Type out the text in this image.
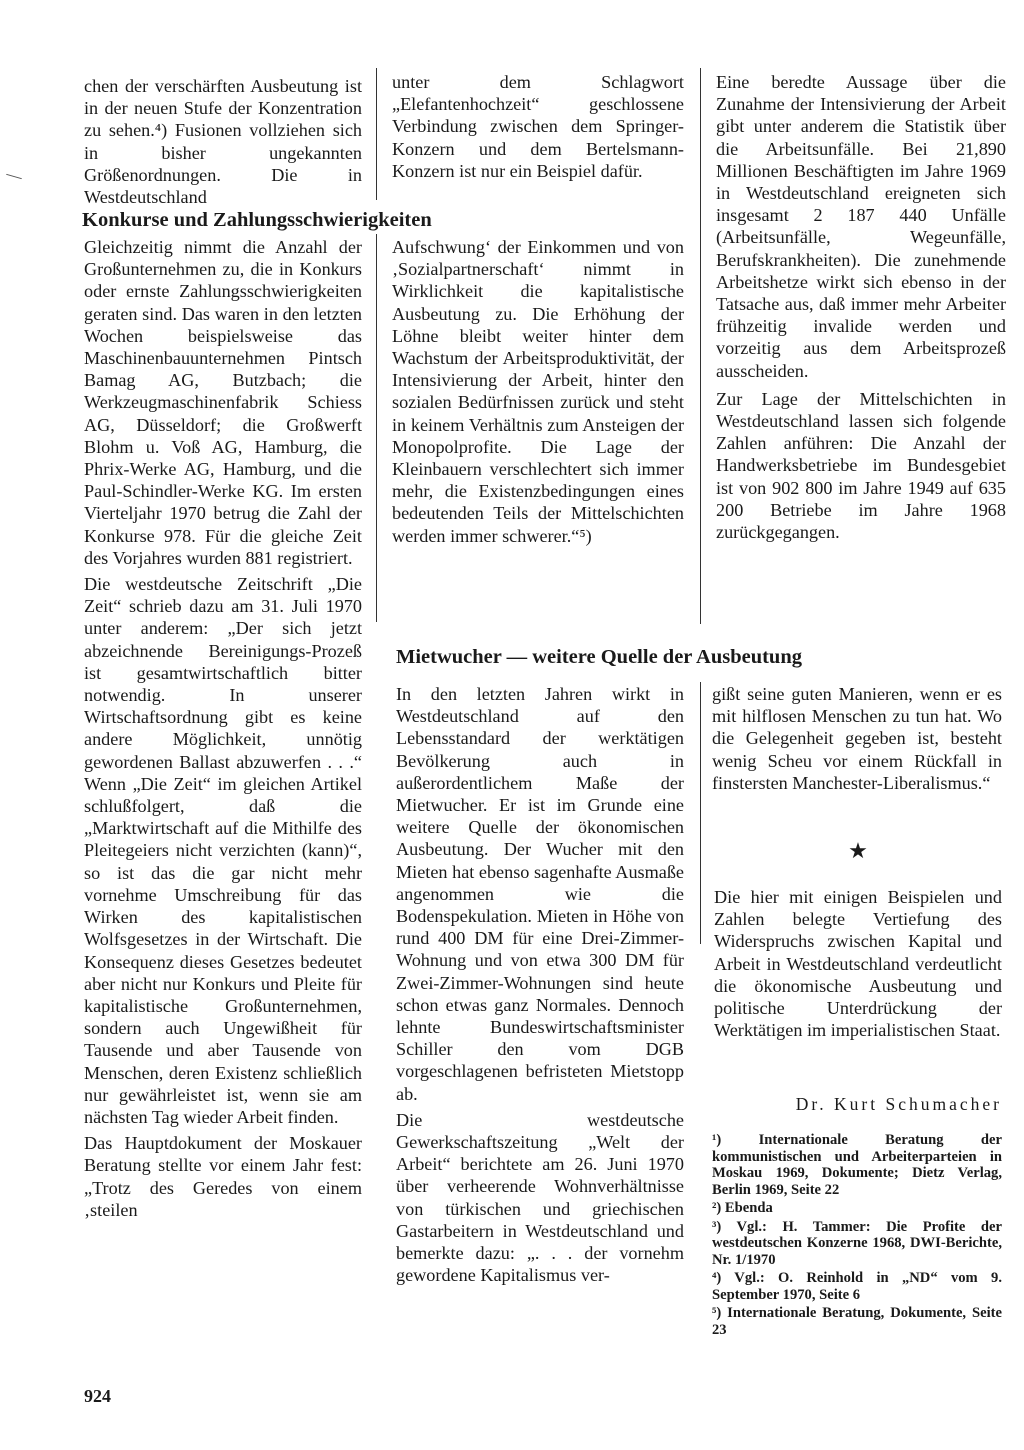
chen der verschärften Ausbeutung ist in der neuen Stufe der Konzentration zu sehen.⁴) Fusionen vollziehen sich in bisher ungekannten Größenordnungen. Die in Westdeutschland

unter dem Schlagwort „Elefantenhochzeit“ geschlossene Verbindung zwischen dem Springer-Konzern und dem Bertelsmann-Konzern ist nur ein Beispiel dafür.

Konkurse und Zahlungsschwierigkeiten

Gleichzeitig nimmt die Anzahl der Großunternehmen zu, die in Konkurs oder ernste Zahlungsschwierigkeiten geraten sind. Das waren in den letzten Wochen beispielsweise das Maschinenbauunternehmen Pintsch Bamag AG, Butzbach; die Werkzeugmaschinenfabrik Schiess AG, Düsseldorf; die Großwerft Blohm u. Voß AG, Hamburg, die Phrix-Werke AG, Hamburg, und die Paul-Schindler-Werke KG. Im ersten Vierteljahr 1970 betrug die Zahl der Konkurse 978. Für die gleiche Zeit des Vorjahres wurden 881 registriert.

Die westdeutsche Zeitschrift „Die Zeit“ schrieb dazu am 31. Juli 1970 unter anderem: „Der sich jetzt abzeichnende Bereinigungs-Prozeß ist gesamtwirtschaftlich bitter notwendig. In unserer Wirtschaftsordnung gibt es keine andere Möglichkeit, unnötig gewordenen Ballast abzuwerfen . . .“ Wenn „Die Zeit“ im gleichen Artikel schlußfolgert, daß die „Marktwirtschaft auf die Mithilfe des Pleitegeiers nicht verzichten (kann)“, so ist das die gar nicht mehr vornehme Umschreibung für das Wirken des kapitalistischen Wolfsgesetzes in der Wirtschaft. Die Konsequenz dieses Gesetzes bedeutet aber nicht nur Konkurs und Pleite für kapitalistische Großunternehmen, sondern auch Ungewißheit für Tausende und aber Tausende von Menschen, deren Existenz schließlich nur gewährleistet ist, wenn sie am nächsten Tag wieder Arbeit finden.

Das Hauptdokument der Moskauer Beratung stellte vor einem Jahr fest: „Trotz des Geredes von einem ‚steilen

Aufschwung‘ der Einkommen und von ‚Sozialpartnerschaft‘ nimmt in Wirklichkeit die kapitalistische Ausbeutung zu. Die Erhöhung der Löhne bleibt weiter hinter dem Wachstum der Arbeitsproduktivität, der Intensivierung der Arbeit, hinter den sozialen Bedürfnissen zurück und steht in keinem Verhältnis zum Ansteigen der Monopolprofite. Die Lage der Kleinbauern verschlechtert sich immer mehr, die Existenzbedingungen eines bedeutenden Teils der Mittelschichten werden immer schwerer.“⁵)

Eine beredte Aussage über die Zunahme der Intensivierung der Arbeit gibt unter anderem die Statistik über die Arbeitsunfälle. Bei 21,890 Millionen Beschäftigten im Jahre 1969 in Westdeutschland ereigneten sich insgesamt 2 187 440 Unfälle (Arbeitsunfälle, Wegeunfälle, Berufskrankheiten). Die zunehmende Arbeitshetze wirkt sich ebenso in der Tatsache aus, daß immer mehr Arbeiter frühzeitig invalide werden und vorzeitig aus dem Arbeitsprozeß ausscheiden.

Zur Lage der Mittelschichten in Westdeutschland lassen sich folgende Zahlen anführen: Die Anzahl der Handwerksbetriebe im Bundesgebiet ist von 902 800 im Jahre 1949 auf 635 200 Betriebe im Jahre 1968 zurückgegangen.

Mietwucher — weitere Quelle der Ausbeutung

In den letzten Jahren wirkt in Westdeutschland auf den Lebensstandard der werktätigen Bevölkerung auch in außerordentlichem Maße der Mietwucher. Er ist im Grunde eine weitere Quelle der ökonomischen Ausbeutung. Der Wucher mit den Mieten hat ebenso sagenhafte Ausmaße angenommen wie die Bodenspekulation. Mieten in Höhe von rund 400 DM für eine Drei-Zimmer-Wohnung und von etwa 300 DM für Zwei-Zimmer-Wohnungen sind heute schon etwas ganz Normales. Dennoch lehnte Bundeswirtschaftsminister Schiller den vom DGB vorgeschlagenen befristeten Mietstopp ab.

Die westdeutsche Gewerkschaftszeitung „Welt der Arbeit“ berichtete am 26. Juni 1970 über verheerende Wohnverhältnisse von türkischen und griechischen Gastarbeitern in Westdeutschland und bemerkte dazu: „. . . der vornehm gewordene Kapitalismus ver-

gißt seine guten Manieren, wenn er es mit hilflosen Menschen zu tun hat. Wo die Gelegenheit gegeben ist, besteht wenig Scheu vor einem Rückfall in finstersten Manchester-Liberalismus.“

★

Die hier mit einigen Beispielen und Zahlen belegte Vertiefung des Widerspruchs zwischen Kapital und Arbeit in Westdeutschland verdeutlicht die ökonomische Ausbeutung und politische Unterdrückung der Werktätigen im imperialistischen Staat.

Dr. Kurt Schumacher

¹) Internationale Beratung der kommunistischen und Arbeiterparteien in Moskau 1969, Dokumente; Dietz Verlag, Berlin 1969, Seite 22

²) Ebenda

³) Vgl.: H. Tammer: Die Profite der westdeutschen Konzerne 1968, DWI-Berichte, Nr. 1/1970

⁴) Vgl.: O. Reinhold in „ND“ vom 9. September 1970, Seite 6

⁵) Internationale Beratung, Dokumente, Seite 23

924
